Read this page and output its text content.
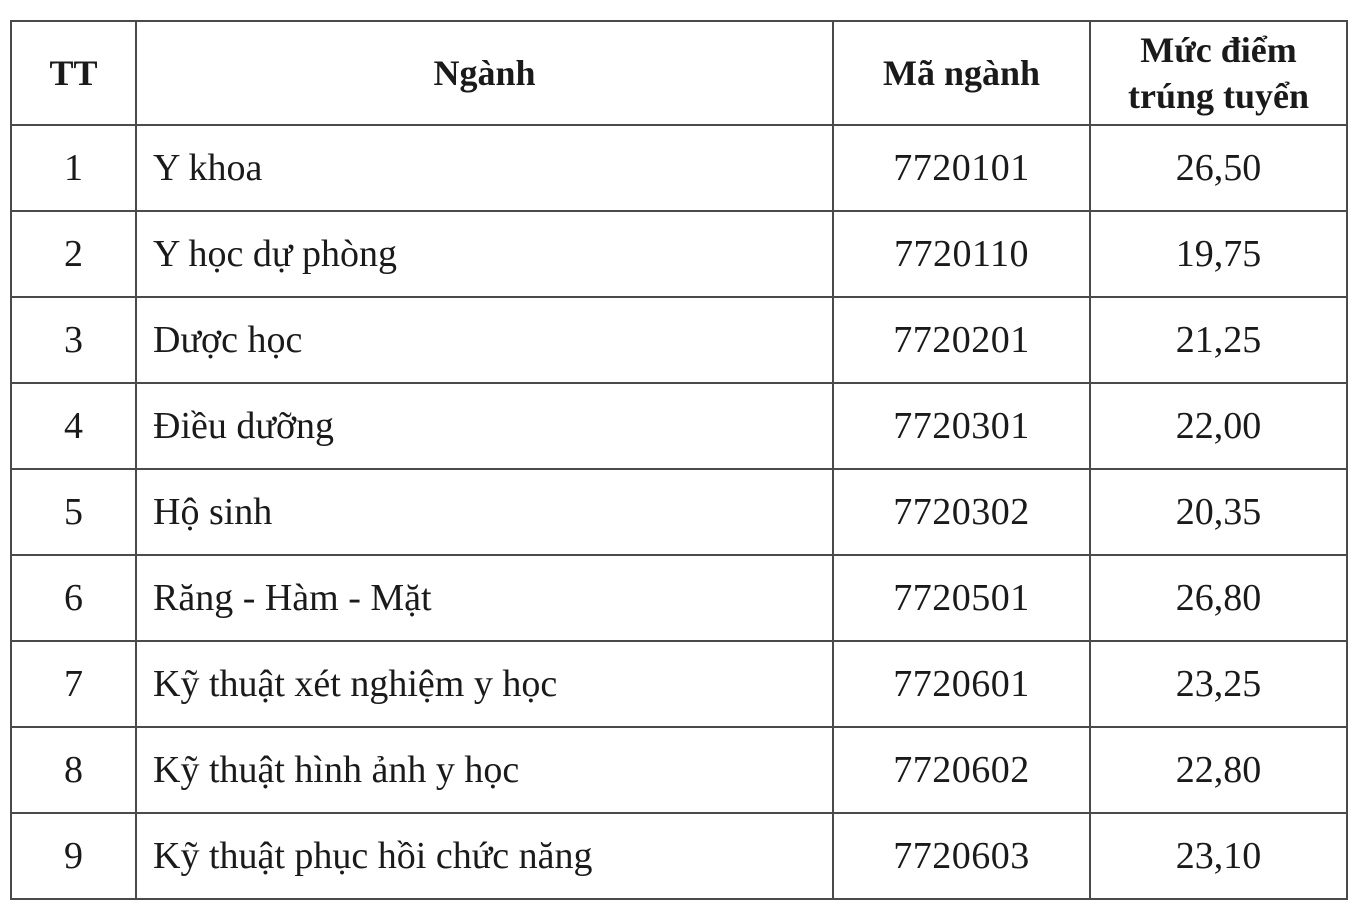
TT	Ngành	Mã ngành	Mức điểm
trúng tuyển

1	Y khoa	7720101	26,50
2	Y học dự phòng	7720110	19,75
3	Dược học	7720201	21,25
4	Điều dưỡng	7720301	22,00
5	Hộ sinh	7720302	20,35
6	Răng - Hàm - Mặt	7720501	26,80
7	Kỹ thuật xét nghiệm y học	7720601	23,25
8	Kỹ thuật hình ảnh y học	7720602	22,80
9	Kỹ thuật phục hồi chức năng	7720603	23,10
